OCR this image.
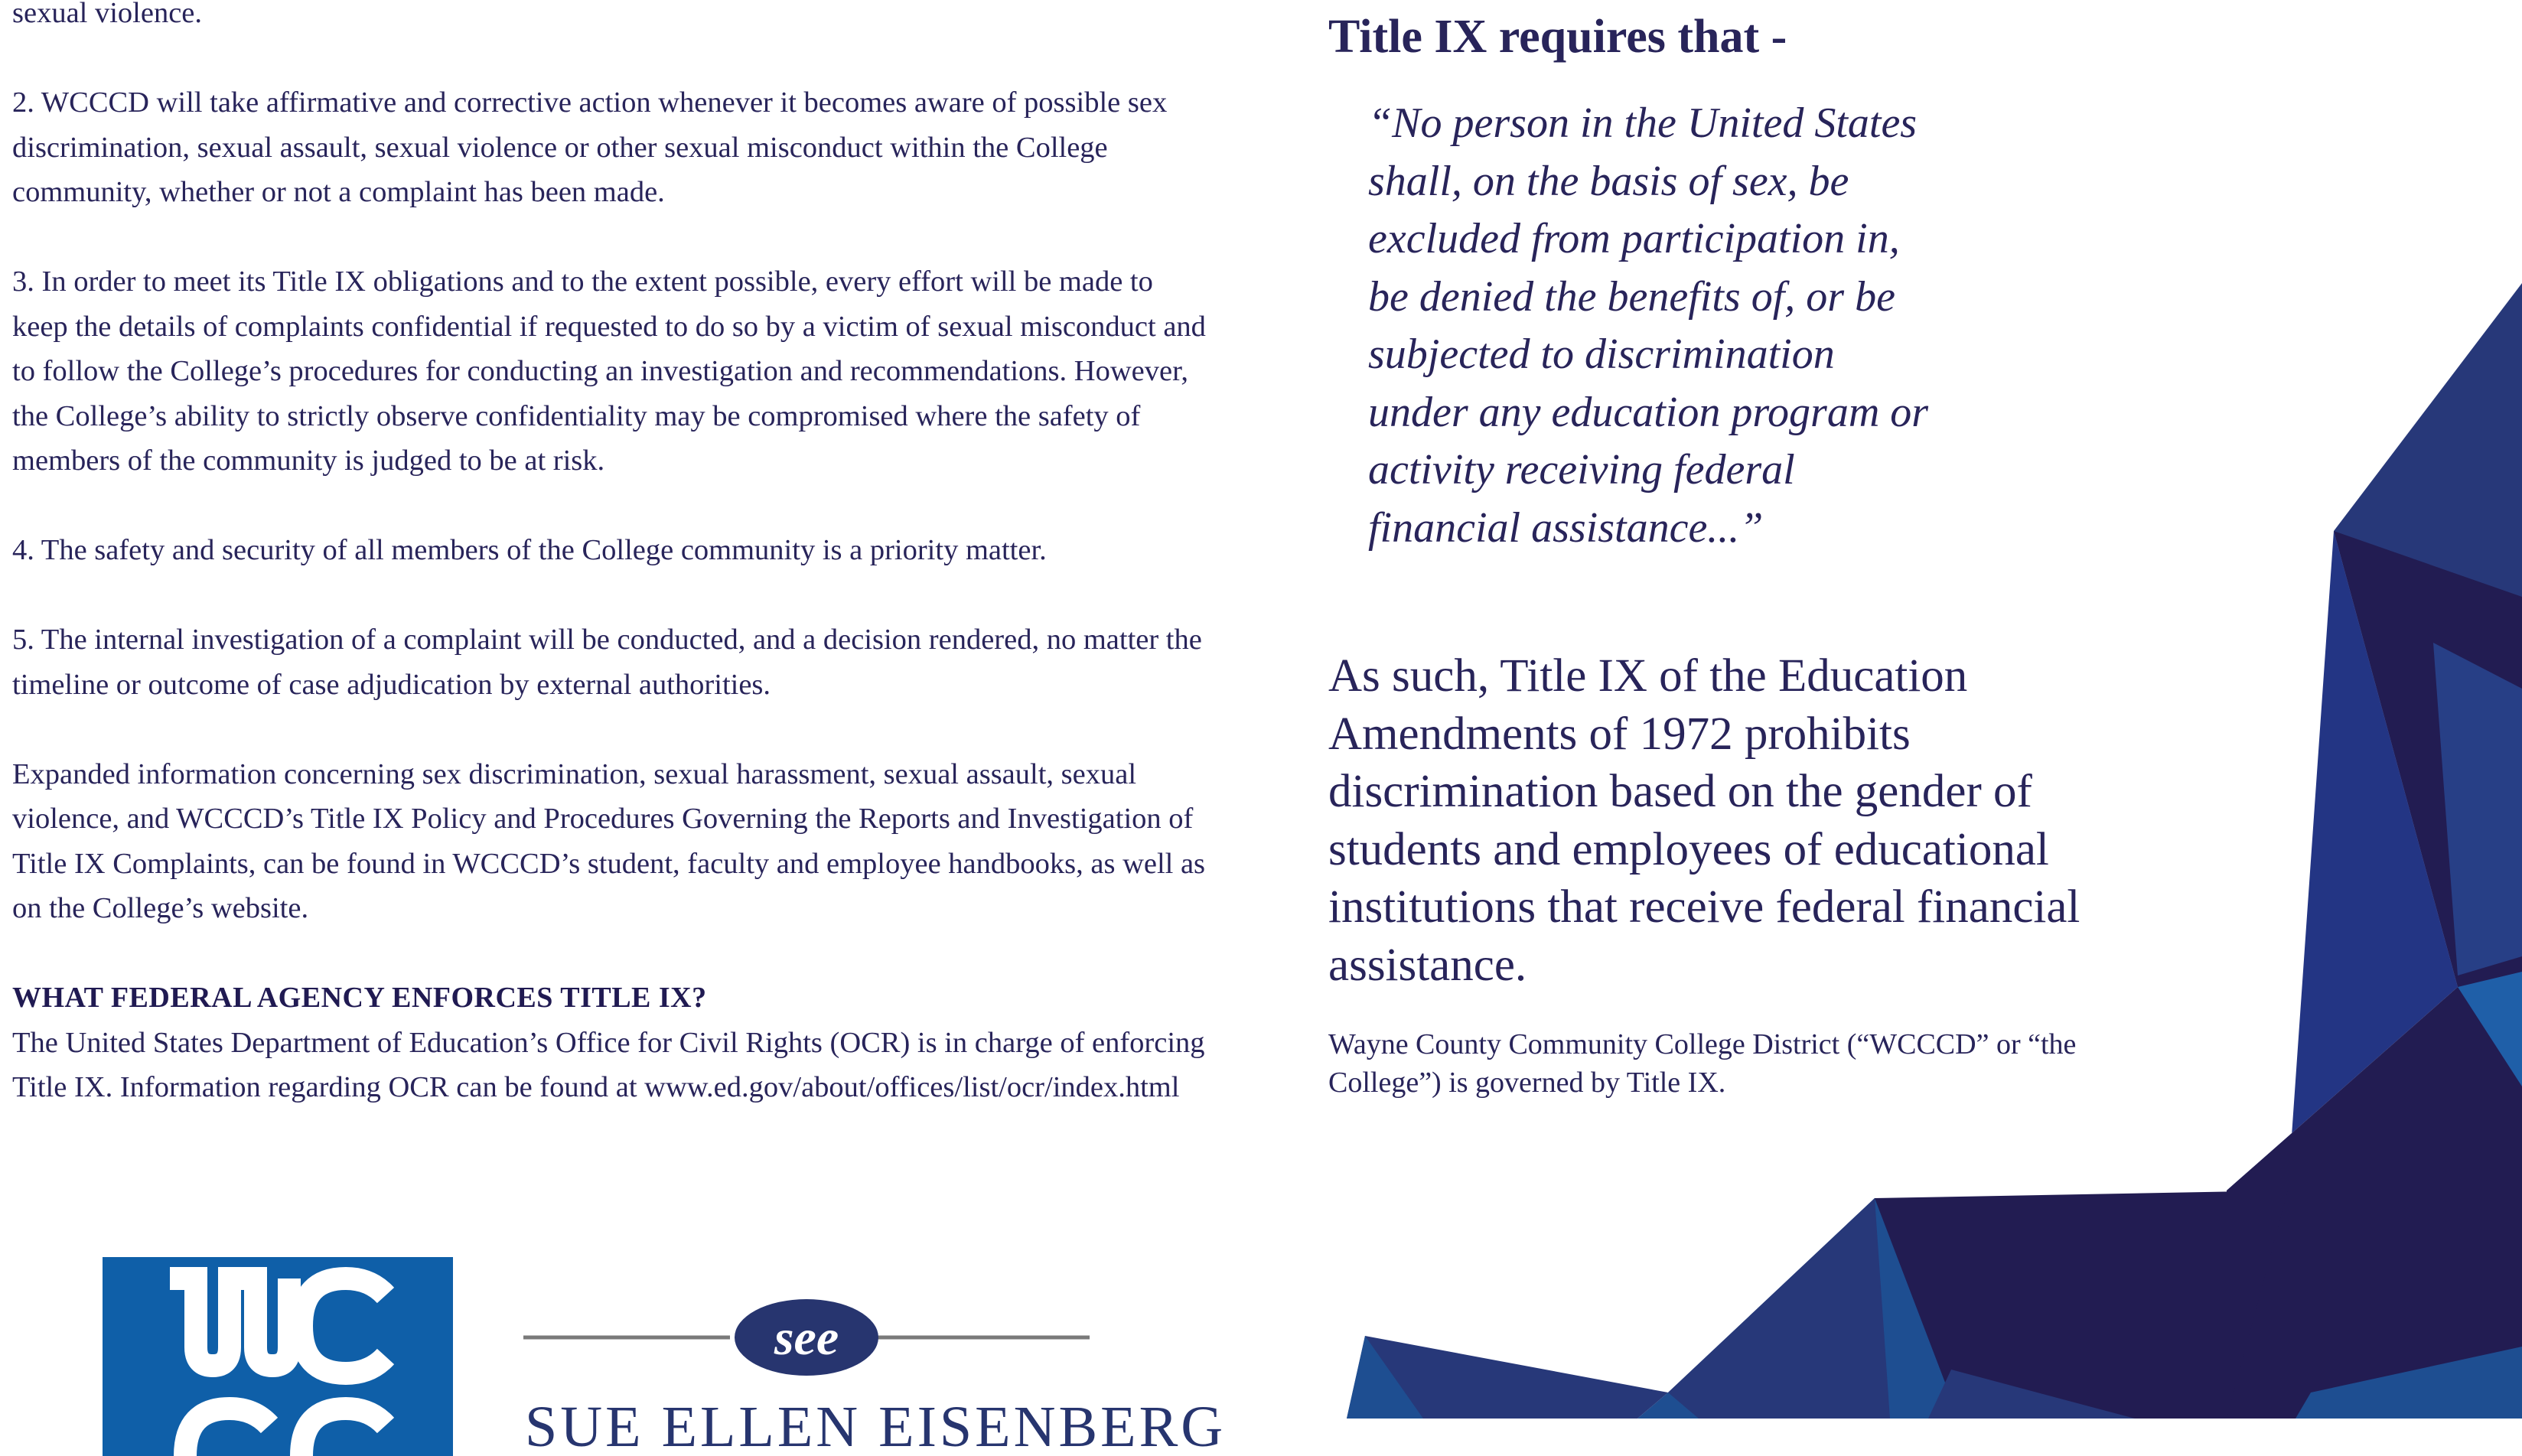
sexual violence.

2. WCCCD will take affirmative and corrective action whenever it becomes aware of possible sex discrimination, sexual assault, sexual violence or other sexual misconduct within the College community, whether or not a complaint has been made.

3. In order to meet its Title IX obligations and to the extent possible, every effort will be made to keep the details of complaints confidential if requested to do so by a victim of sexual misconduct and to follow the College’s procedures for conducting an investigation and recommendations. However, the College’s ability to strictly observe confidentiality may be compromised where the safety of members of the community is judged to be at risk.

4. The safety and security of all members of the College community is a priority matter.

5. The internal investigation of a complaint will be conducted, and a decision rendered, no matter the timeline or outcome of case adjudication by external authorities.

Expanded information concerning sex discrimination, sexual harassment, sexual assault, sexual violence, and WCCCD’s Title IX Policy and Procedures Governing the Reports and Investigation of Title IX Complaints, can be found in WCCCD’s student, faculty and employee handbooks, as well as on the College’s website.

WHAT FEDERAL AGENCY ENFORCES TITLE IX?

The United States Department of Education’s Office for Civil Rights (OCR) is in charge of enforcing Title IX. Information regarding OCR can be found at www.ed.gov/about/offices/list/ocr/index.html

see
SUE ELLEN EISENBERG
Title IX requires that -

“No person in the United States shall, on the basis of sex, be excluded from participation in, be denied the benefits of, or be subjected to discrimination under any education program or activity receiving federal financial assistance...”

As such, Title IX of the Education Amendments of 1972 prohibits discrimination based on the gender of students and employees of educational institutions that receive federal financial assistance.

Wayne County Community College District (“WCCCD” or “the College”) is governed by Title IX.
